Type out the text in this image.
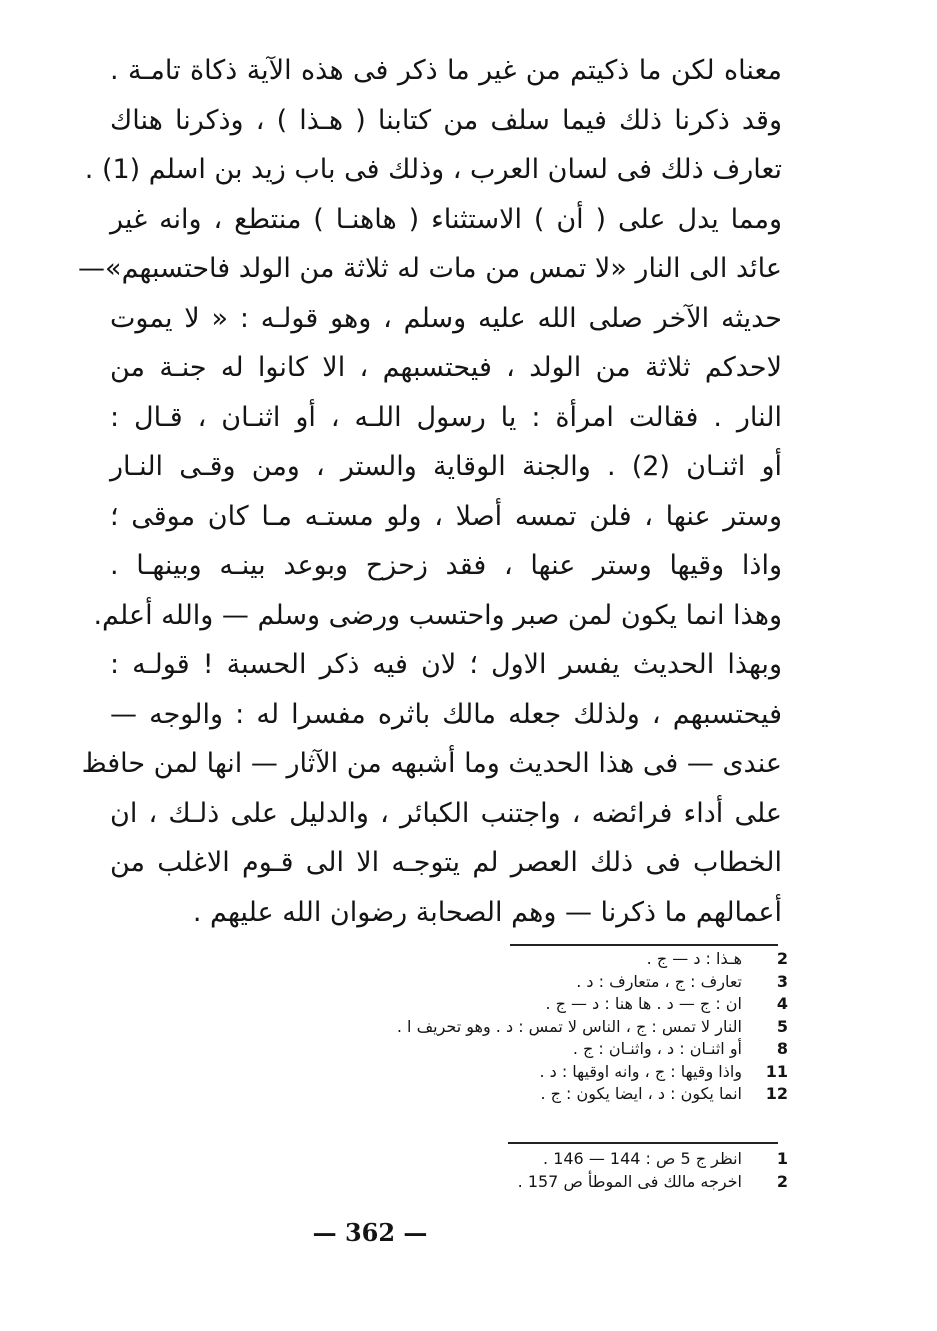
معناه لكن ما ذكيتم من غير ما ذكر فى هذه الآية ذكاة تامـة .
وقد ذكرنا ذلك فيما سلف من كتابنا ( هـذا ) ، وذكرنا هناك
تعارف ذلك فى لسان العرب ، وذلك فى باب زيد بن اسلم (1) .
ومما يدل على ( أن ) الاستثناء ( هاهنـا ) منتطع ، وانه غير
عائد الى النار «لا تمس من مات له ثلاثة من الولد فاحتسبهم»—
حديثه الآخر صلى الله عليه وسلم ، وهو قولـه : « لا يموت
لاحدكم ثلاثة من الولد ، فيحتسبهم ، الا كانوا له جنـة من
النار . فقالت امرأة : يا رسول اللـه ، أو اثنـان ، قـال :
أو اثنـان (2) . والجنة الوقاية والستر ، ومن وقـى النـار
وستر عنها ، فلن تمسه أصلا ، ولو مستـه مـا كان موقى ؛
واذا وقيها وستر عنها ، فقد زحزح وبوعد بينـه وبينهـا .
وهذا انما يكون لمن صبر واحتسب ورضى وسلم — والله أعلم.
وبهذا الحديث يفسر الاول ؛ لان فيه ذكر الحسبة ! قولـه :
فيحتسبهم ، ولذلك جعله مالك باثره مفسرا له : والوجه —
عندى — فى هذا الحديث وما أشبهه من الآثار — انها لمن حافظ
على أداء فرائضه ، واجتنب الكبائر ، والدليل على ذلـك ، ان
الخطاب فى ذلك العصر لم يتوجـه الا الى قـوم الاغلب من
أعمالهم ما ذكرنا — وهم الصحابة رضوان الله عليهم .
2
هـذا : د — ج .
3
تعارف : ج ، متعارف : د .
4
ان : ج — د . ها هنا : د — ج .
5
النار لا تمس : ج ، الناس لا تمس : د . وهو تحريف ا .
8
أو اثنـان : د ، واثنـان : ج .
11
واذا وقيها : ج ، وانه اوقيها : د .
12
انما يكون : د ، ايضا يكون : ج .
1
انظر ج 5 ص : 144 — 146 .
2
اخرجه مالك فى الموطأ ص 157 .
— 362 —
